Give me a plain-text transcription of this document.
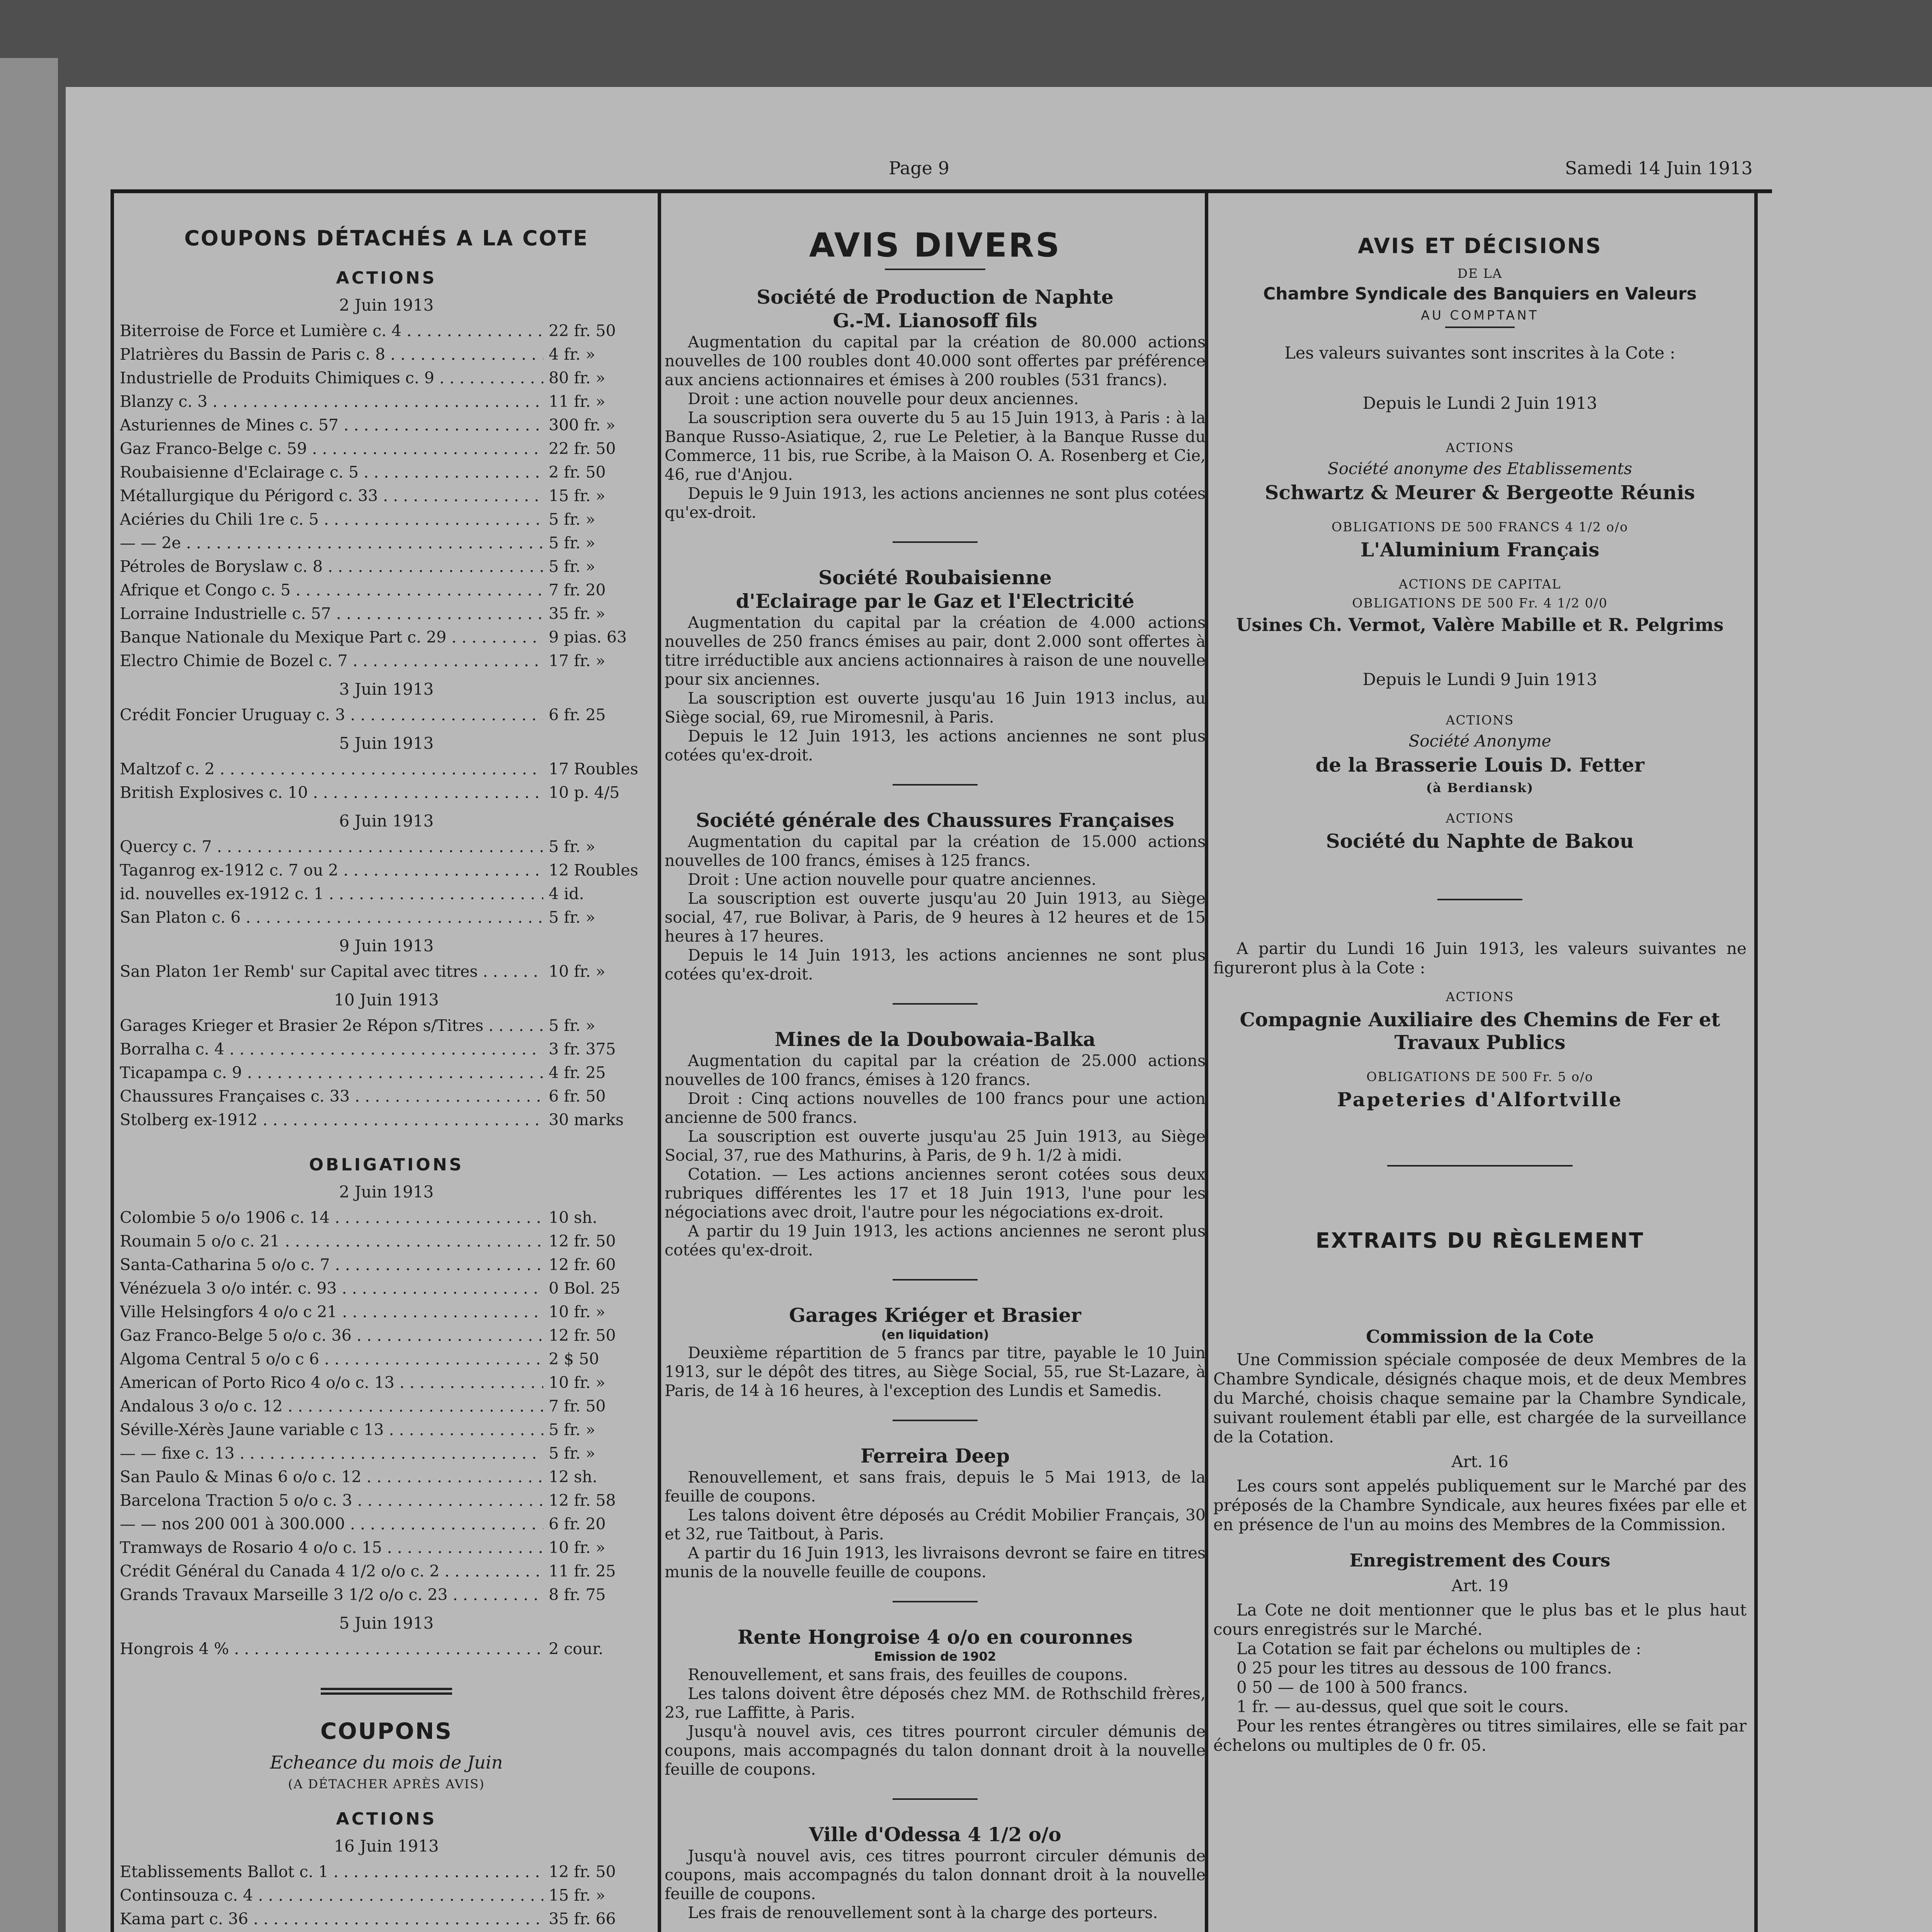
Page 9	Samedi 14 Juin 1913
COUPONS DÉTACHÉS A LA COTE
ACTIONS
2 Juin 1913
Biterroise de Force et Lumière c. 4 . . .	22 fr. 50
Platrières du Bassin de Paris c. 8 . . .	4 fr. »
Industrielle de Produits Chimiques c. 9 . . .	80 fr. »
Blanzy c. 3 . . .	11 fr. »
Asturiennes de Mines c. 57 . . .	300 fr. »
Gaz Franco-Belge c. 59 . . .	22 fr. 50
Roubaisienne d'Eclairage c. 5 . . .	2 fr. 50
Métallurgique du Périgord c. 33 . . .	15 fr. »
Aciéries du Chili 1re c. 5 . . .	5 fr. »
— — 2e . . .	5 fr. »
Pétroles de Boryslaw c. 8 . . .	5 fr. »
Afrique et Congo c. 5 . . .	7 fr. 20
Lorraine Industrielle c. 57 . . .	35 fr. »
Banque Nationale du Mexique Part c. 29 . . .	9 pias. 63
Electro Chimie de Bozel c. 7 . . .	17 fr. »
3 Juin 1913
Crédit Foncier Uruguay c. 3 . . .	6 fr. 25
5 Juin 1913
Maltzof c. 2 . . .	17 Roubles
British Explosives c. 10 . . .	10 p. 4/5
6 Juin 1913
Quercy c. 7 . . .	5 fr. »
Taganrog ex-1912 c. 7 ou 2 . . .	12 Roubles
id. nouvelles ex-1912 c. 1 . . .	4 id.
San Platon c. 6 . . .	5 fr. »
9 Juin 1913
San Platon 1er Remb' sur Capital avec titres . . .	10 fr. »
10 Juin 1913
Garages Krieger et Brasier 2e Répon s/Titres . . .	5 fr. »
Borralha c. 4 . . .	3 fr. 375
Ticapampa c. 9 . . .	4 fr. 25
Chaussures Françaises c. 33 . . .	6 fr. 50
Stolberg ex-1912 . . .	30 marks
OBLIGATIONS
2 Juin 1913
Colombie 5 o/o 1906 c. 14 . . .	10 sh.
Roumain 5 o/o c. 21 . . .	12 fr. 50
Santa-Catharina 5 o/o c. 7 . . .	12 fr. 60
Vénézuela 3 o/o intér. c. 93 . . .	0 Bol. 25
Ville Helsingfors 4 o/o c 21 . . .	10 fr. »
Gaz Franco-Belge 5 o/o c. 36 . . .	12 fr. 50
Algoma Central 5 o/o c 6 . . .	2 $ 50
American of Porto Rico 4 o/o c. 13 . . .	10 fr. »
Andalous 3 o/o c. 12 . . .	7 fr. 50
Séville-Xérès Jaune variable c 13 . . .	5 fr. »
— — fixe c. 13 . . .	5 fr. »
San Paulo & Minas 6 o/o c. 12 . . .	12 sh.
Barcelona Traction 5 o/o c. 3 . . .	12 fr. 58
— — nos 200 001 à 300.000 . . .	6 fr. 20
Tramways de Rosario 4 o/o c. 15 . . .	10 fr. »
Crédit Général du Canada 4 1/2 o/o c. 2 . . .	11 fr. 25
Grands Travaux Marseille 3 1/2 o/o c. 23 . . .	8 fr. 75
5 Juin 1913
Hongrois 4 % . . .	2 cour.
COUPONS
Echeance du mois de Juin
(A DÉTACHER APRÈS AVIS)
ACTIONS
16 Juin 1913
Etablissements Ballot c. 1 . . .	12 fr. 50
Continsouza c. 4 . . .	15 fr. »
Kama part c. 36 . . .	35 fr. 66
. . .
AVIS DIVERS
Société de Production de Naphte
G.-M. Lianosoff fils

Augmentation du capital par la création de 80.000 actions nouvelles de 100 roubles dont 40.000 sont offertes par préférence aux anciens actionnaires et émises à 200 roubles (531 francs).

Droit : une action nouvelle pour deux anciennes.

La souscription sera ouverte du 5 au 15 Juin 1913, à Paris : à la Banque Russo-Asiatique, 2, rue Le Peletier, à la Banque Russe du Commerce, 11 bis, rue Scribe, à la Maison O. A. Rosenberg et Cie, 46, rue d'Anjou.

Depuis le 9 Juin 1913, les actions anciennes ne sont plus cotées qu'ex-droit.

Société Roubaisienne
d'Eclairage par le Gaz et l'Electricité

Augmentation du capital par la création de 4.000 actions nouvelles de 250 francs émises au pair, dont 2.000 sont offertes à titre irréductible aux anciens actionnaires à raison de une nouvelle pour six anciennes.

La souscription est ouverte jusqu'au 16 Juin 1913 inclus, au Siège social, 69, rue Miromesnil, à Paris.

Depuis le 12 Juin 1913, les actions anciennes ne sont plus cotées qu'ex-droit.

Société générale des Chaussures Françaises

Augmentation du capital par la création de 15.000 actions nouvelles de 100 francs, émises à 125 francs.

Droit : Une action nouvelle pour quatre anciennes.

La souscription est ouverte jusqu'au 20 Juin 1913, au Siège social, 47, rue Bolivar, à Paris, de 9 heures à 12 heures et de 15 heures à 17 heures.

Depuis le 14 Juin 1913, les actions anciennes ne sont plus cotées qu'ex-droit.

Mines de la Doubowaia-Balka

Augmentation du capital par la création de 25.000 actions nouvelles de 100 francs, émises à 120 francs.

Droit : Cinq actions nouvelles de 100 francs pour une action ancienne de 500 francs.

La souscription est ouverte jusqu'au 25 Juin 1913, au Siège Social, 37, rue des Mathurins, à Paris, de 9 h. 1/2 à midi.

Cotation. — Les actions anciennes seront cotées sous deux rubriques différentes les 17 et 18 Juin 1913, l'une pour les négociations avec droit, l'autre pour les négociations ex-droit.

A partir du 19 Juin 1913, les actions anciennes ne seront plus cotées qu'ex-droit.

Garages Kriéger et Brasier
(en liquidation)

Deuxième répartition de 5 francs par titre, payable le 10 Juin 1913, sur le dépôt des titres, au Siège Social, 55, rue St-Lazare, à Paris, de 14 à 16 heures, à l'exception des Lundis et Samedis.

Ferreira Deep

Renouvellement, et sans frais, depuis le 5 Mai 1913, de la feuille de coupons.

Les talons doivent être déposés au Crédit Mobilier Français, 30 et 32, rue Taitbout, à Paris.

A partir du 16 Juin 1913, les livraisons devront se faire en titres munis de la nouvelle feuille de coupons.

Rente Hongroise 4 o/o en couronnes
Emission de 1902

Renouvellement, et sans frais, des feuilles de coupons.

Les talons doivent être déposés chez MM. de Rothschild frères, 23, rue Laffitte, à Paris.

Jusqu'à nouvel avis, ces titres pourront circuler démunis de coupons, mais accompagnés du talon donnant droit à la nouvelle feuille de coupons.

Ville d'Odessa 4 1/2 o/o

Jusqu'à nouvel avis, ces titres pourront circuler démunis de coupons, mais accompagnés du talon donnant droit à la nouvelle feuille de coupons.

Les frais de renouvellement sont à la charge des porteurs.

AVIS ET DÉCISIONS
DE LA
Chambre Syndicale des Banquiers en Valeurs
AU COMPTANT
Les valeurs suivantes sont inscrites à la Cote :
Depuis le Lundi 2 Juin 1913
ACTIONS
Société anonyme des Etablissements
Schwartz & Meurer & Bergeotte Réunis
OBLIGATIONS DE 500 FRANCS 4 1/2 o/o
L'Aluminium Français
ACTIONS DE CAPITAL
OBLIGATIONS DE 500 Fr. 4 1/2 0/0
Usines Ch. Vermot, Valère Mabille et R. Pelgrims
Depuis le Lundi 9 Juin 1913
ACTIONS
Société Anonyme
de la Brasserie Louis D. Fetter
(à Berdiansk)
ACTIONS
Société du Naphte de Bakou

A partir du Lundi 16 Juin 1913, les valeurs suivantes ne figureront plus à la Cote :

ACTIONS
Compagnie Auxiliaire des Chemins de Fer et Travaux Publics
OBLIGATIONS DE 500 Fr. 5 o/o
Papeteries d'Alfortville
EXTRAITS DU RÈGLEMENT
Commission de la Cote

Une Commission spéciale composée de deux Membres de la Chambre Syndicale, désignés chaque mois, et de deux Membres du Marché, choisis chaque semaine par la Chambre Syndicale, suivant roulement établi par elle, est chargée de la surveillance de la Cotation.

Art. 16

Les cours sont appelés publiquement sur le Marché par des préposés de la Chambre Syndicale, aux heures fixées par elle et en présence de l'un au moins des Membres de la Commission.

Enregistrement des Cours
Art. 19

La Cote ne doit mentionner que le plus bas et le plus haut cours enregistrés sur le Marché.

La Cotation se fait par échelons ou multiples de :

0 25 pour les titres au dessous de 100 francs.

0 50 — de 100 à 500 francs.

1 fr. — au-dessus, quel que soit le cours.

Pour les rentes étrangères ou titres similaires, elle se fait par échelons ou multiples de 0 fr. 05.
